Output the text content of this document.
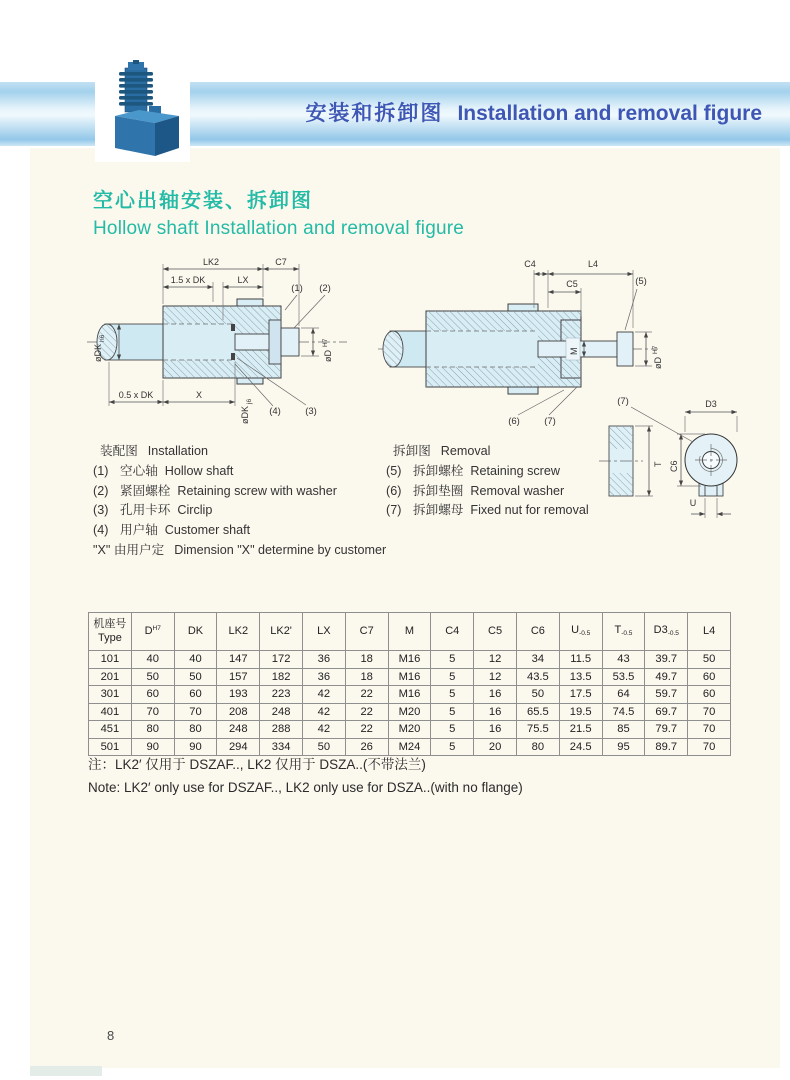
安装和拆卸图 Installation and removal figure
空心出轴安装、拆卸图
Hollow shaft Installation and removal figure
LK2	C7
1.5 x DK	LX
(1) (2)
øDK
h6
øD
H7
0.5 x DK	X
øDK
j6
(4)	(3)
M
C4	L4
C5	(5)
øD
H7
(6)	(7)
T
D3
C6
U
(7)
装配图 Installation
(1) 空心轴 Hollow shaft
(2) 紧固螺栓 Retaining screw with washer
(3) 孔用卡环 Circlip
(4) 用户轴 Customer shaft
"X" 由用户定 Dimension "X" determine by customer
拆卸图 Removal
(5) 拆卸螺栓 Retaining screw
(6) 拆卸垫圈 Removal washer
(7) 拆卸螺母 Fixed nut for removal
机座号
Type	$D^{H7}$	DK	LK2	LK2'	LX	C7	M	C4	C5	C6	U-0.5	T-0.5	D3-0.5	L4

101	40	40	147	172	36	18	M16	5	12	34	11.5	43	39.7	50
201	50	50	157	182	36	18	M16	5	12	43.5	13.5	53.5	49.7	60
301	60	60	193	223	42	22	M16	5	16	50	17.5	64	59.7	60
401	70	70	208	248	42	22	M20	5	16	65.5	19.5	74.5	69.7	70
451	80	80	248	288	42	22	M20	5	16	75.5	21.5	85	79.7	70
501	90	90	294	334	50	26	M24	5	20	80	24.5	95	89.7	70
注：LK2′ 仅用于 DSZAF.., LK2 仅用于 DSZA..(不带法兰)
Note: LK2′ only use for DSZAF.., LK2 only use for DSZA..(with no flange)
8
